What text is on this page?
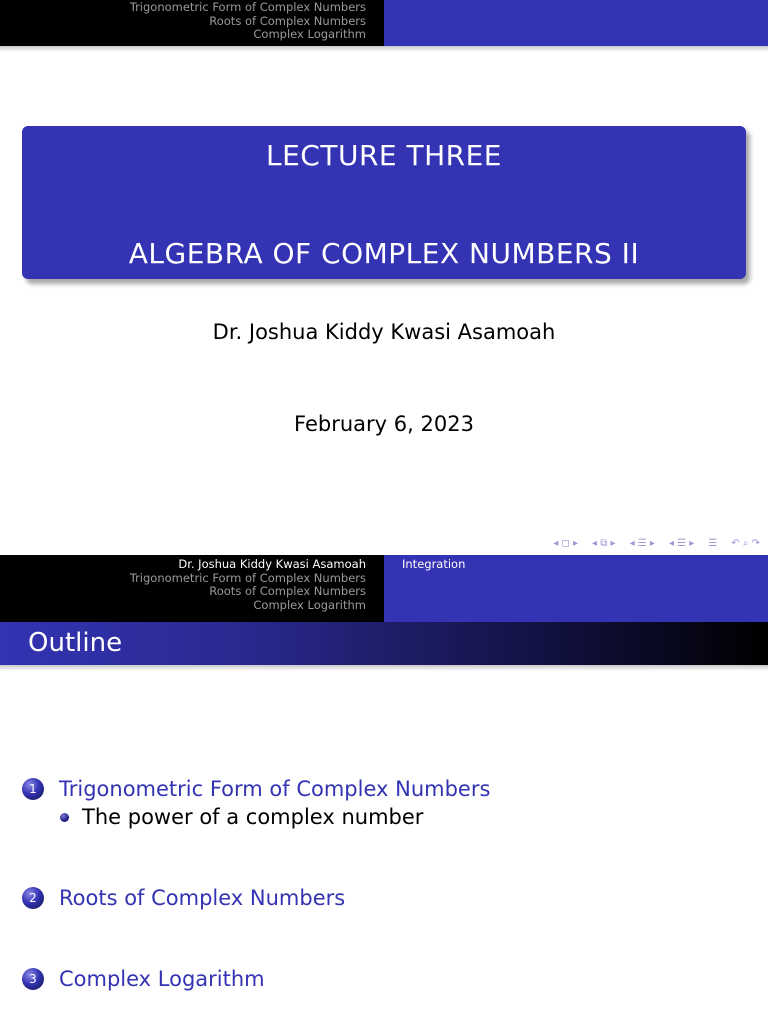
Trigonometric Form of Complex Numbers
Roots of Complex Numbers
Complex Logarithm
LECTURE THREE
ALGEBRA OF COMPLEX NUMBERS II
Dr. Joshua Kiddy Kwasi Asamoah
February 6, 2023
◂ ◻ ▸ ◂ ⧉ ▸ ◂ ☰ ▸ ◂ ☰ ▸ ☰ ↶ ⌕ ↷
Dr. Joshua Kiddy Kwasi Asamoah
Trigonometric Form of Complex Numbers
Roots of Complex Numbers
Complex Logarithm
Integration
Outline
1	Trigonometric Form of Complex Numbers
The power of a complex number
2	Roots of Complex Numbers
3	Complex Logarithm
